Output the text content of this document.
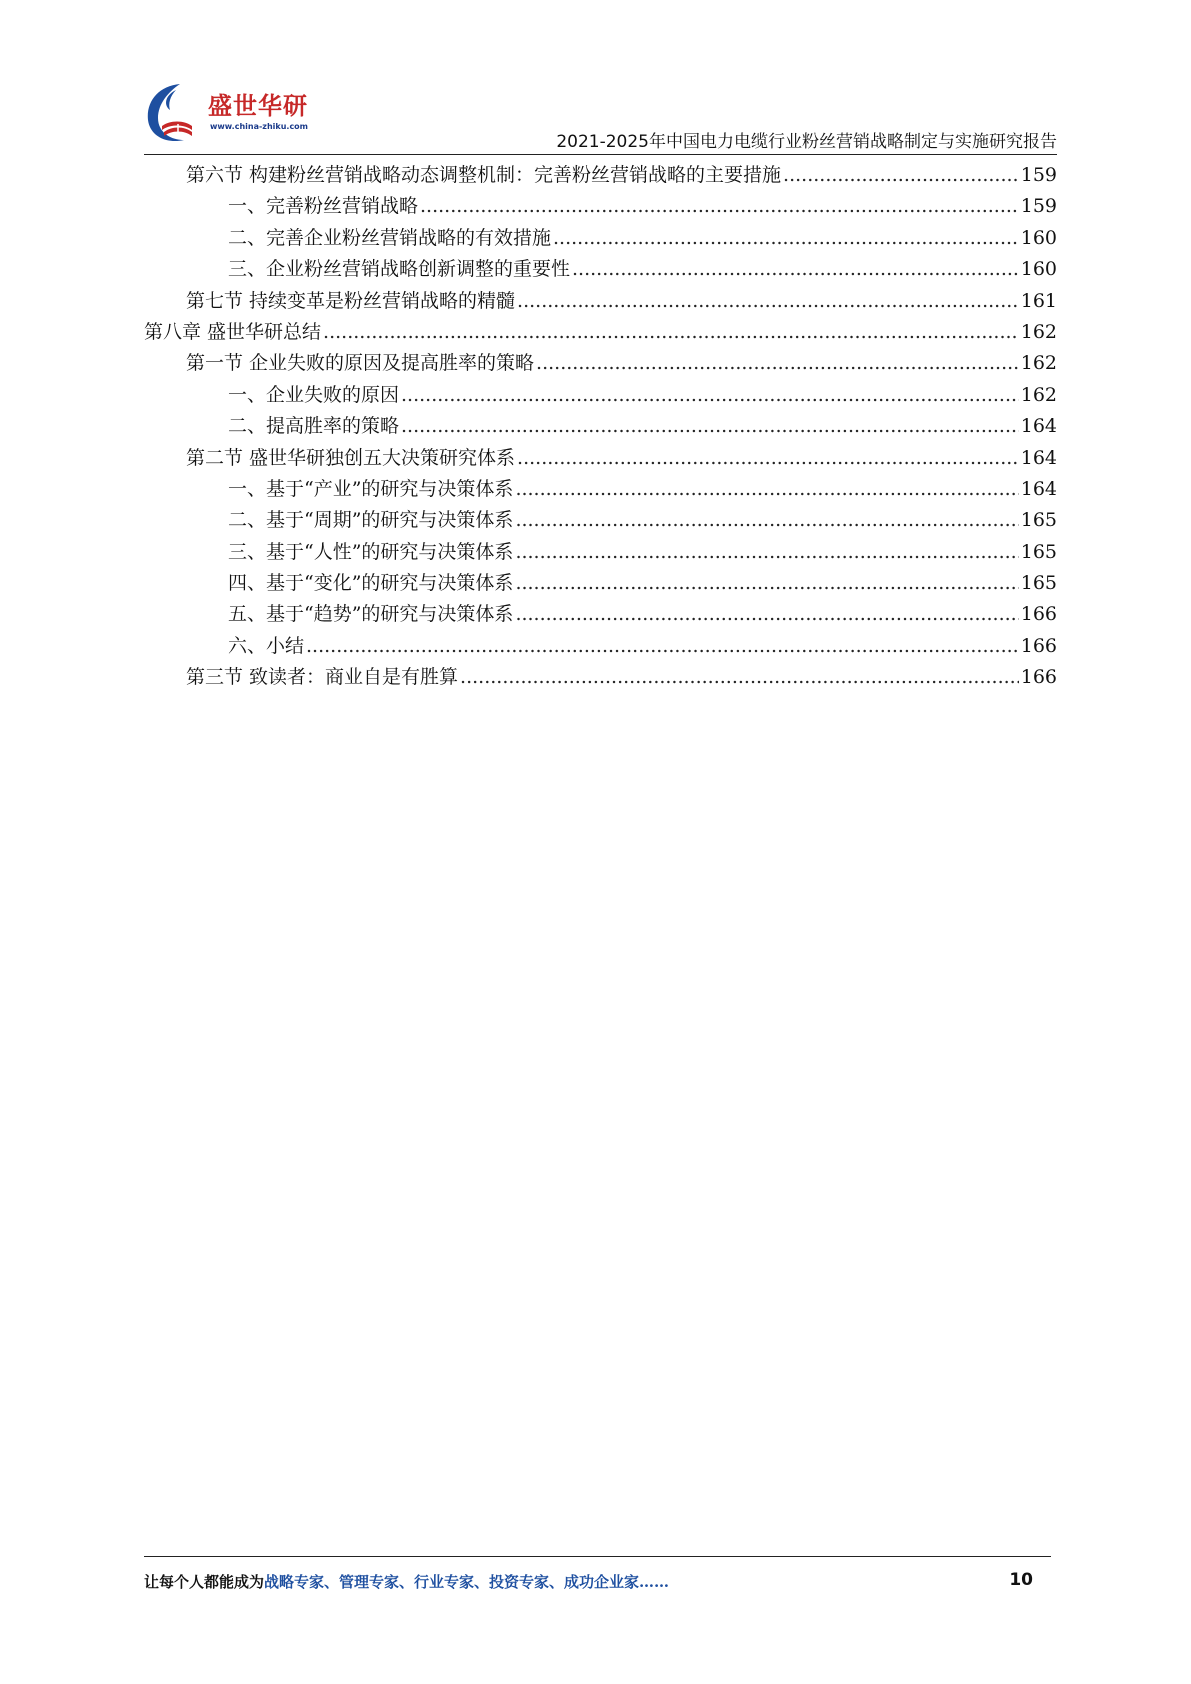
盛世华研
www.china-zhiku.com
2021-2025年中国电力电缆行业粉丝营销战略制定与实施研究报告
第六节 构建粉丝营销战略动态调整机制：完善粉丝营销战略的主要措施 .....	159
一、完善粉丝营销战略 .....	159
二、完善企业粉丝营销战略的有效措施 .....	160
三、企业粉丝营销战略创新调整的重要性 .....	160
第七节 持续变革是粉丝营销战略的精髓 .....	161
第八章 盛世华研总结 .....	162
第一节 企业失败的原因及提高胜率的策略 .....	162
一、企业失败的原因 .....	162
二、提高胜率的策略 .....	164
第二节 盛世华研独创五大决策研究体系 .....	164
一、基于“产业”的研究与决策体系 .....	164
二、基于“周期”的研究与决策体系 .....	165
三、基于“人性”的研究与决策体系 .....	165
四、基于“变化”的研究与决策体系 .....	165
五、基于“趋势”的研究与决策体系 .....	166
六、小结 .....	166
第三节 致读者：商业自是有胜算 .....	166
让每个人都能成为战略专家、管理专家、行业专家、投资专家、成功企业家……	10
